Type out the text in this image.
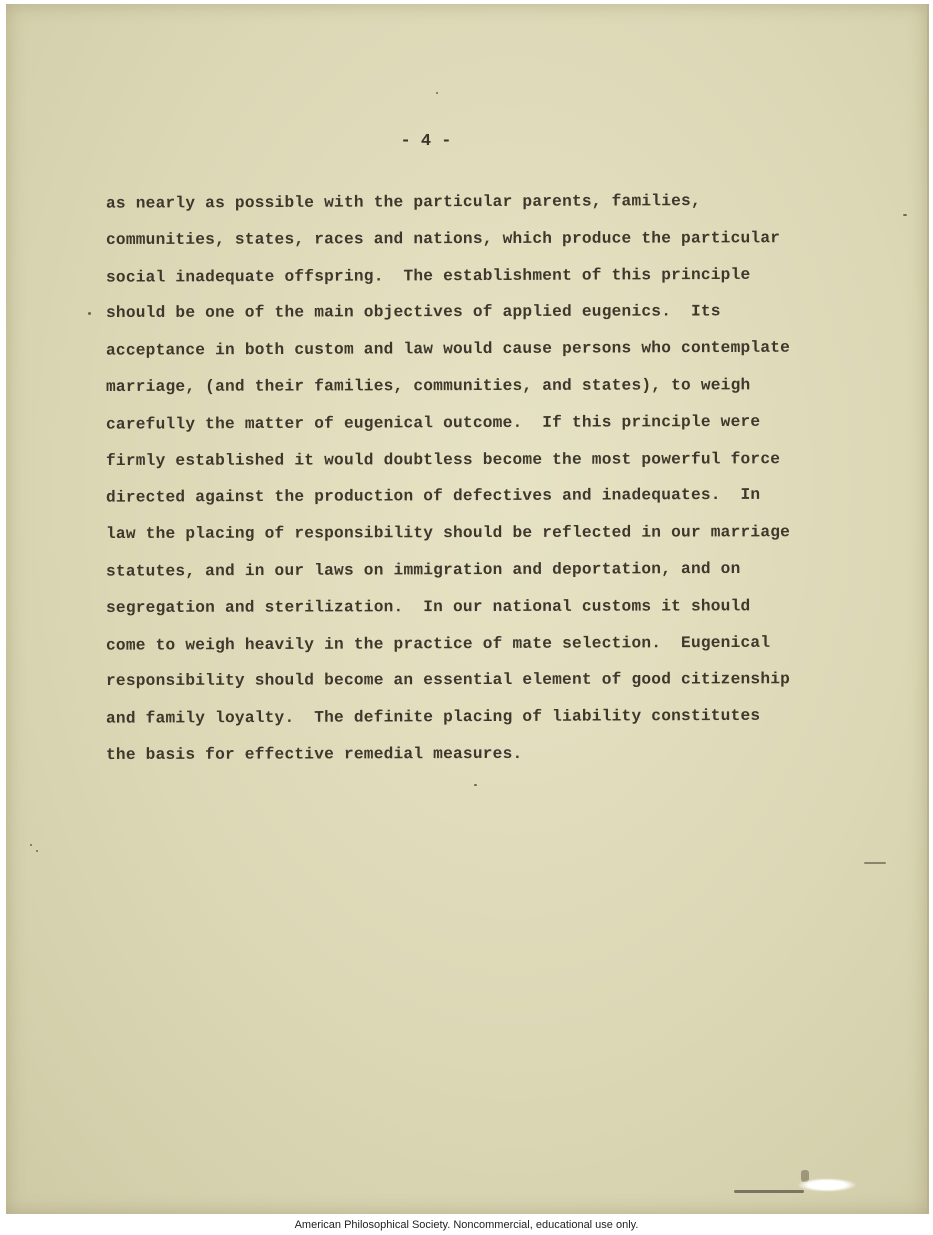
- 4 -
as nearly as possible with the particular parents, families,
communities, states, races and nations, which produce the particular
social inadequate offspring.  The establishment of this principle
should be one of the main objectives of applied eugenics.  Its
acceptance in both custom and law would cause persons who contemplate
marriage, (and their families, communities, and states), to weigh
carefully the matter of eugenical outcome.  If this principle were
firmly established it would doubtless become the most powerful force
directed against the production of defectives and inadequates.  In
law the placing of responsibility should be reflected in our marriage
statutes, and in our laws on immigration and deportation, and on
segregation and sterilization.  In our national customs it should
come to weigh heavily in the practice of mate selection.  Eugenical
responsibility should become an essential element of good citizenship
and family loyalty.  The definite placing of liability constitutes
the basis for effective remedial measures.
American Philosophical Society. Noncommercial, educational use only.
